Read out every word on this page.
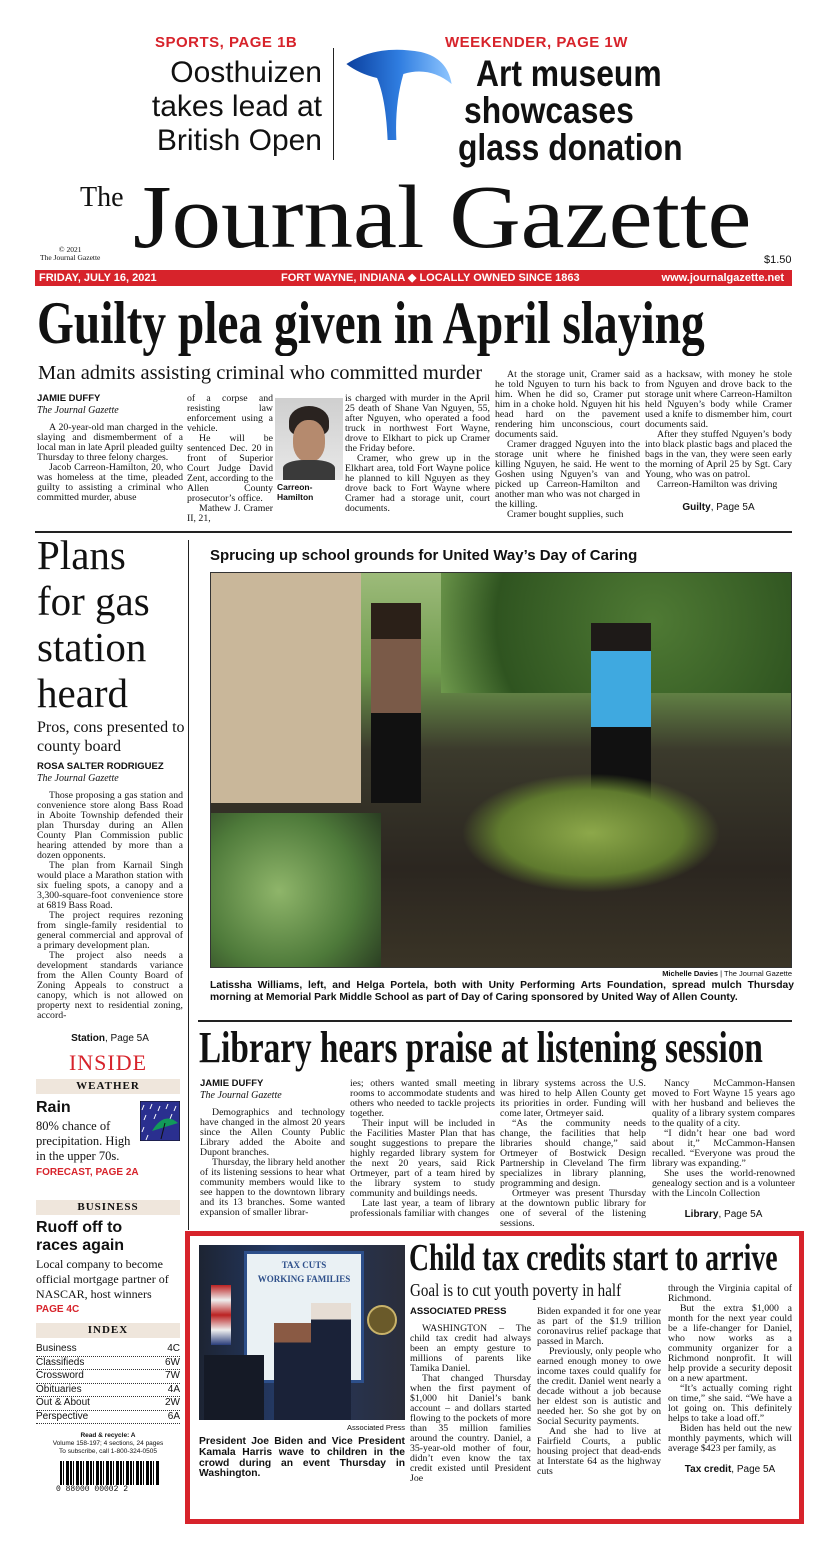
SPORTS, PAGE 1B
Oosthuizen
takes lead at
British Open
WEEKENDER, PAGE 1W
Art museum
showcases
glass donation
The Journal Gazette
© 2021
The Journal Gazette	$1.50
FRIDAY, JULY 16, 2021	FORT WAYNE, INDIANA ◆ LOCALLY OWNED SINCE 1863	www.journalgazette.net
Guilty plea given in April slaying
Man admits assisting criminal who committed murder
JAMIE DUFFY
The Journal Gazette

A 20-year-old man charged in the slaying and dismemberment of a local man in late April pleaded guilty Thursday to three felony charges.

Jacob Carreon-Hamilton, 20, who was homeless at the time, pleaded guilty to assisting a criminal who committed murder, abuse

of a corpse and resisting law enforcement using a vehicle.

He will be sentenced Dec. 20 in front of Superior Court Judge David Zent, according to the Allen County prosecutor’s office.

Mathew J. Cramer II, 21,

Carreon-Hamilton

is charged with murder in the April 25 death of Shane Van Nguyen, 55, after Nguyen, who operated a food truck in northwest Fort Wayne, drove to Elkhart to pick up Cramer the Friday before.

Cramer, who grew up in the Elkhart area, told Fort Wayne police he planned to kill Nguyen as they drove back to Fort Wayne where Cramer had a storage unit, court documents.

At the storage unit, Cramer said he told Nguyen to turn his back to him. When he did so, Cramer put him in a choke hold. Nguyen hit his head hard on the pavement rendering him unconscious, court documents said.

Cramer dragged Nguyen into the storage unit where he finished killing Nguyen, he said. He went to Goshen using Nguyen’s van and picked up Carreon-Hamilton and another man who was not charged in the killing.

Cramer bought supplies, such

as a hacksaw, with money he stole from Nguyen and drove back to the storage unit where Carreon-Hamilton held Nguyen’s body while Cramer used a knife to dismember him, court documents said.

After they stuffed Nguyen’s body into black plastic bags and placed the bags in the van, they were seen early the morning of April 25 by Sgt. Cary Young, who was on patrol.

Carreon-Hamilton was driving

Guilty, Page 5A
Plans
for gas
station
heard
Pros, cons presented to county board
ROSA SALTER RODRIGUEZ
The Journal Gazette

Those proposing a gas station and convenience store along Bass Road in Aboite Township defended their plan Thursday during an Allen County Plan Commission public hearing attended by more than a dozen opponents.

The plan from Karnail Singh would place a Marathon station with six fueling spots, a canopy and a 3,300-square-foot convenience store at 6819 Bass Road.

The project requires rezoning from single-family residential to general commercial and approval of a primary development plan.

The project also needs a development standards variance from the Allen County Board of Zoning Appeals to construct a canopy, which is not allowed on property next to residential zoning, accord-

Station, Page 5A
Sprucing up school grounds for United Way’s Day of Caring
Michelle Davies | The Journal Gazette
Latissha Williams, left, and Helga Portela, both with Unity Performing Arts Foundation, spread mulch Thursday morning at Memorial Park Middle School as part of Day of Caring sponsored by United Way of Allen County.
Library hears praise at listening session
JAMIE DUFFY
The Journal Gazette

Demographics and technology have changed in the almost 20 years since the Allen County Public Library added the Aboite and Dupont branches.

Thursday, the library held another of its listening sessions to hear what community members would like to see happen to the downtown library and its 13 branches. Some wanted expansion of smaller librar-

ies; others wanted small meeting rooms to accommodate students and others who needed to tackle projects together.

Their input will be included in the Facilities Master Plan that has sought suggestions to prepare the highly regarded library system for the next 20 years, said Rick Ortmeyer, part of a team hired by the library system to study community and buildings needs.

Late last year, a team of library professionals familiar with changes

in library systems across the U.S. was hired to help Allen County get its priorities in order. Funding will come later, Ortmeyer said.

“As the community needs change, the facilities that help libraries should change,” said Ortmeyer of Bostwick Design Partnership in Cleveland The firm specializes in library planning, programming and design.

Ortmeyer was present Thursday at the downtown public library for one of several of the listening sessions.

Nancy McCammon-Hansen moved to Fort Wayne 15 years ago with her husband and believes the quality of a library system compares to the quality of a city.

“I didn’t hear one bad word about it,” McCammon-Hansen recalled. “Everyone was proud the library was expanding.”

She uses the world-renowned genealogy section and is a volunteer with the Lincoln Collection

Library, Page 5A
TAX CUTS
WORKING FAMILIES
Associated Press
President Joe Biden and Vice President Kamala Harris wave to children in the crowd during an event Thursday in Washington.
Child tax credits start to arrive
Goal is to cut youth poverty in half
ASSOCIATED PRESS

WASHINGTON – The child tax credit had always been an empty gesture to millions of parents like Tamika Daniel.

That changed Thursday when the first payment of $1,000 hit Daniel’s bank account – and dollars started flowing to the pockets of more than 35 million families around the country. Daniel, a 35-year-old mother of four, didn’t even know the tax credit existed until President Joe

Biden expanded it for one year as part of the $1.9 trillion coronavirus relief package that passed in March.

Previously, only people who earned enough money to owe income taxes could qualify for the credit. Daniel went nearly a decade without a job because her eldest son is autistic and needed her. So she got by on Social Security payments.

And she had to live at Fairfield Courts, a public housing project that dead-ends at Interstate 64 as the highway cuts

through the Virginia capital of Richmond.

But the extra $1,000 a month for the next year could be a life-changer for Daniel, who now works as a community organizer for a Richmond nonprofit. It will help provide a security deposit on a new apartment.

“It’s actually coming right on time,” she said. “We have a lot going on. This definitely helps to take a load off.”

Biden has held out the new monthly payments, which will average $423 per family, as

Tax credit, Page 5A
INSIDE
WEATHER
Rain
80% chance of precipitation. High in the upper 70s.
FORECAST, PAGE 2A
BUSINESS
Ruoff off to races again
Local company to become official mortgage partner of NASCAR, host winners
PAGE 4C
INDEX
Business	4C
Classifieds	6W
Crossword	7W
Obituaries	4A
Out & About	2W
Perspective	6A
Read & recycle: A
Volume 158-197; 4 sections, 24 pages
To subscribe, call 1-800-324-0505
0 88000 00002 2
